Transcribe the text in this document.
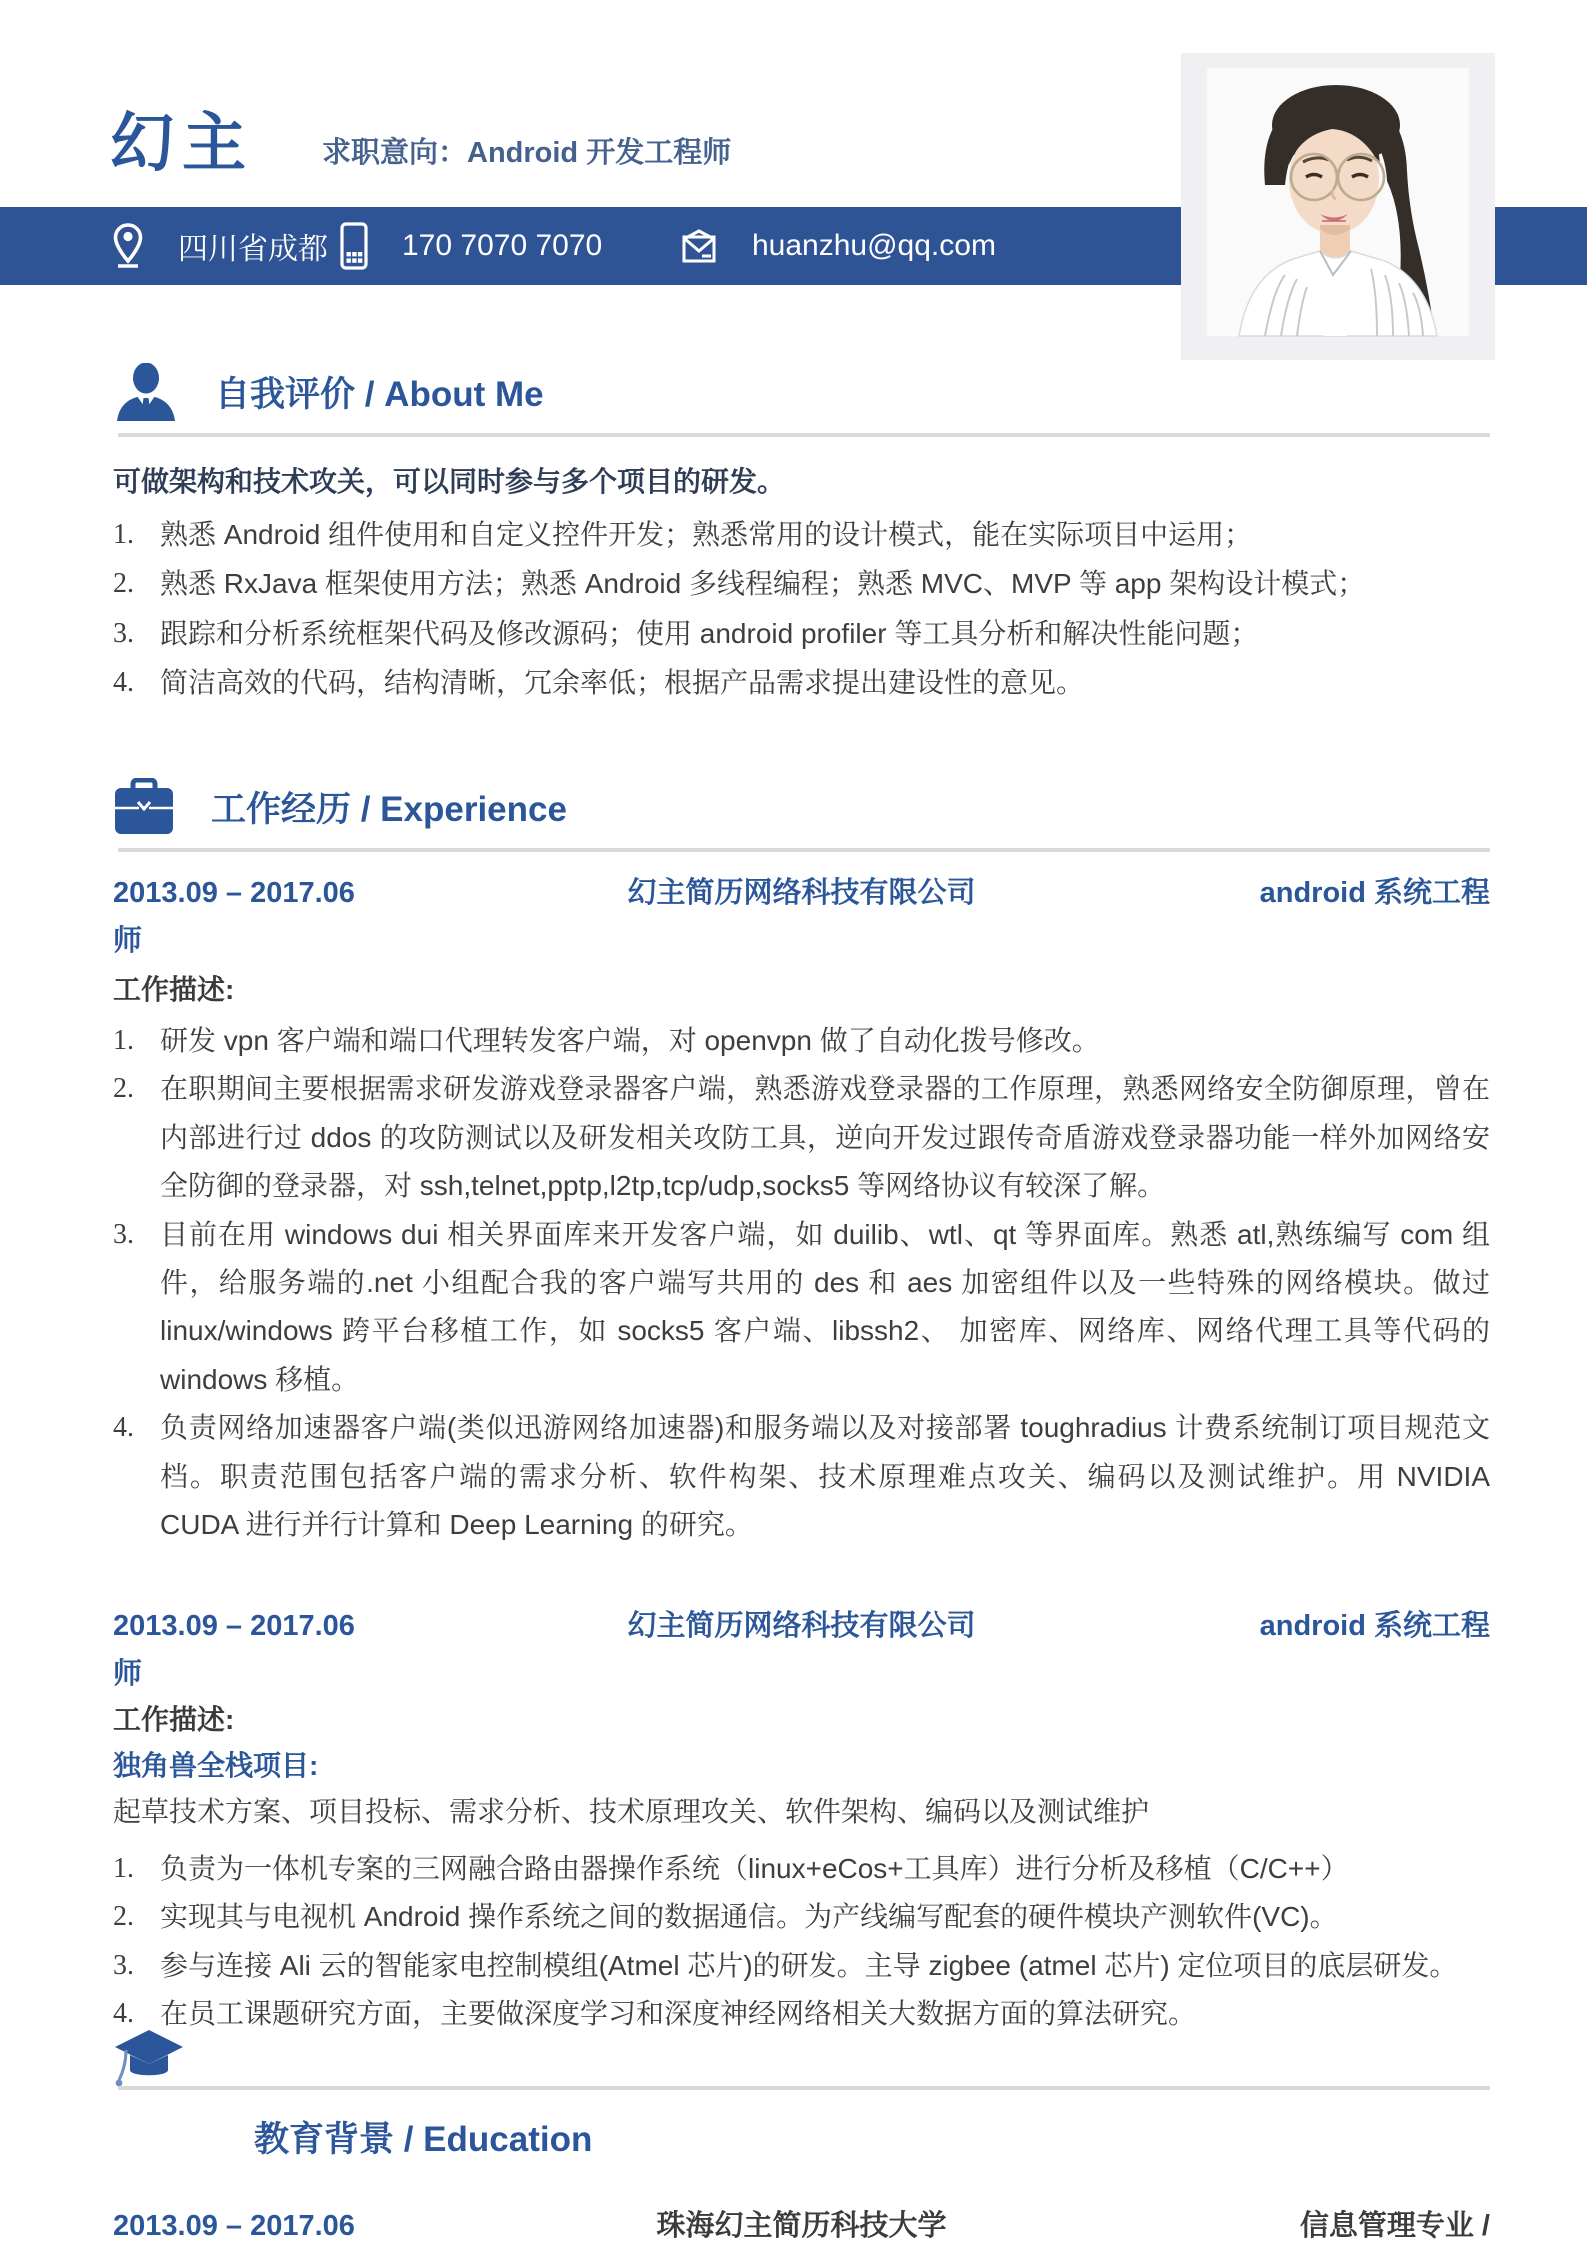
幻主 求职意向：Android 开发工程师
四川省成都 170 7070 7070	huanzhu@qq.com
自我评价 / About Me
可做架构和技术攻关，可以同时参与多个项目的研发。
1. 熟悉 Android 组件使用和自定义控件开发；熟悉常用的设计模式，能在实际项目中运用；
2. 熟悉 RxJava 框架使用方法；熟悉 Android 多线程编程；熟悉 MVC、MVP 等 app 架构设计模式；
3. 跟踪和分析系统框架代码及修改源码；使用 android profiler 等工具分析和解决性能问题；
4. 简洁高效的代码，结构清晰，冗余率低；根据产品需求提出建设性的意见。
工作经历 / Experience
2013.09 – 2017.06	幻主简历网络科技有限公司	android 系统工程
师
工作描述:
1. 研发 vpn 客户端和端口代理转发客户端，对 openvpn 做了自动化拨号修改。
2. 在职期间主要根据需求研发游戏登录器客户端，熟悉游戏登录器的工作原理，熟悉网络安全防御原理，曾在内部进行过 ddos 的攻防测试以及研发相关攻防工具，逆向开发过跟传奇盾游戏登录器功能一样外加网络安全防御的登录器，对 ssh,telnet,pptp,l2tp,tcp/udp,socks5 等网络协议有较深了解。
3. 目前在用 windows dui 相关界面库来开发客户端，如 duilib、wtl、qt 等界面库。熟悉 atl,熟练编写 com 组件，给服务端的.net 小组配合我的客户端写共用的 des 和 aes 加密组件以及一些特殊的网络模块。做过 linux/windows 跨平台移植工作，如 socks5 客户端、libssh2、 加密库、网络库、网络代理工具等代码的 windows 移植。
4. 负责网络加速器客户端(类似迅游网络加速器)和服务端以及对接部署 toughradius 计费系统制订项目规范文档。职责范围包括客户端的需求分析、软件构架、技术原理难点攻关、编码以及测试维护。用 NVIDIA CUDA 进行并行计算和 Deep Learning 的研究。
2013.09 – 2017.06	幻主简历网络科技有限公司	android 系统工程
师
工作描述:
独角兽全栈项目:
起草技术方案、项目投标、需求分析、技术原理攻关、软件架构、编码以及测试维护
1. 负责为一体机专案的三网融合路由器操作系统（linux+eCos+工具库）进行分析及移植（C/C++）
2. 实现其与电视机 Android 操作系统之间的数据通信。为产线编写配套的硬件模块产测软件(VC)。
3. 参与连接 Ali 云的智能家电控制模组(Atmel 芯片)的研发。主导 zigbee (atmel 芯片) 定位项目的底层研发。
4. 在员工课题研究方面，主要做深度学习和深度神经网络相关大数据方面的算法研究。
教育背景 / Education
2013.09 – 2017.06	珠海幻主简历科技大学	信息管理专业 /
